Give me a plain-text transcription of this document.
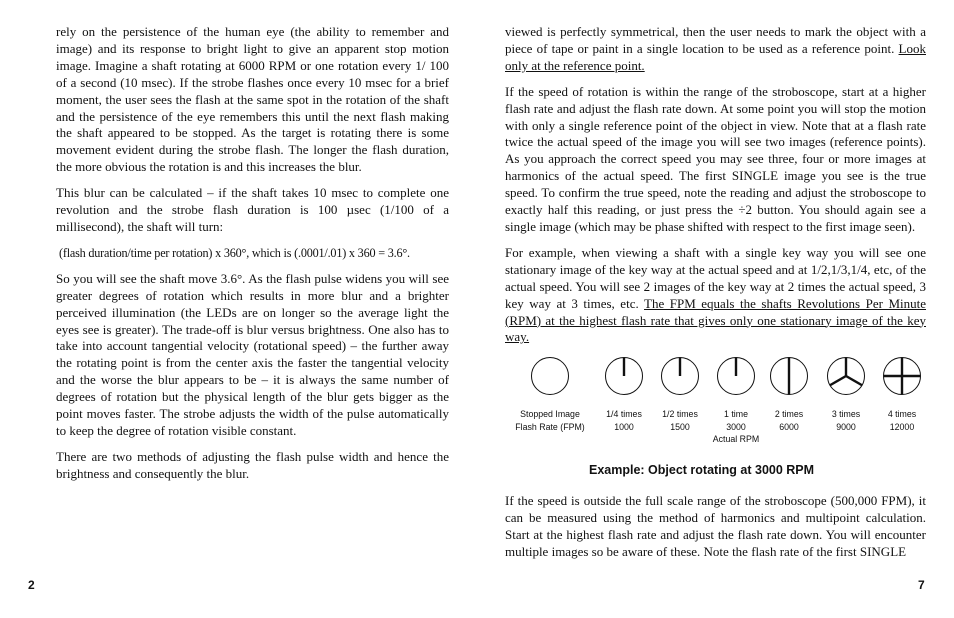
rely on the persistence of the human eye (the ability to remember and image) and its response to bright light to give an apparent stop motion image. Imagine a shaft rotating at 6000 RPM or one rotation every 1/ 100 of a second (10 msec). If the strobe flashes once every 10 msec for a brief moment, the user sees the flash at the same spot in the rotation of the shaft and the persistence of the eye remembers this until the next flash making the shaft appeared to be stopped. As the target is rotating there is some movement evident during the strobe flash. The longer the flash duration, the more obvious the rotation is and this increases the blur.

This blur can be calculated – if the shaft takes 10 msec to complete one revolution and the strobe flash duration is 100 µsec (1/100 of a millisecond), the shaft will turn:

(flash duration/time per rotation) x 360°, which is (.0001/.01) x 360 = 3.6°.

So you will see the shaft move 3.6°. As the flash pulse widens you will see greater degrees of rotation which results in more blur and a brighter perceived illumination (the LEDs are on longer so the average light the eyes see is greater). The trade-off is blur versus brightness. One also has to take into account tangential velocity (rotational speed) – the further away the rotating point is from the center axis the faster the tangential velocity and the worse the blur appears to be – it is always the same number of degrees of rotation but the physical length of the blur gets bigger as the point moves faster. The strobe adjusts the width of the pulse automatically to keep the degree of rotation visible constant.

There are two methods of adjusting the flash pulse width and hence the brightness and consequently the blur.

2

viewed is perfectly symmetrical, then the user needs to mark the object with a piece of tape or paint in a single location to be used as a reference point. Look only at the reference point.

If the speed of rotation is within the range of the stroboscope, start at a higher flash rate and adjust the flash rate down. At some point you will stop the motion with only a single reference point of the object in view. Note that at a flash rate twice the actual speed of the image you will see two images (reference points). As you approach the correct speed you may see three, four or more images at harmonics of the actual speed. The first SINGLE image you see is the true speed. To confirm the true speed, note the reading and adjust the stroboscope to exactly half this reading, or just press the ÷2 button. You should again see a single image (which may be phase shifted with respect to the first image seen).

For example, when viewing a shaft with a single key way you will see one stationary image of the key way at the actual speed and at 1/2,1/3,1/4, etc, of the actual speed. You will see 2 images of the key way at 2 times the actual speed, 3 key way at 3 times, etc. The FPM equals the shafts Revolutions Per Minute (RPM) at the highest flash rate that gives only one stationary image of the key way.

Stopped Image
Flash Rate (FPM)
1/4 times
1000
1/2 times
1500
1 time
3000
Actual RPM
2 times
6000
3 times
9000
4 times
12000
Example: Object rotating at 3000 RPM

If the speed is outside the full scale range of the stroboscope (500,000 FPM), it can be measured using the method of harmonics and multipoint calculation. Start at the highest flash rate and adjust the flash rate down. You will encounter multiple images so be aware of these. Note the flash rate of the first SINGLE

7
